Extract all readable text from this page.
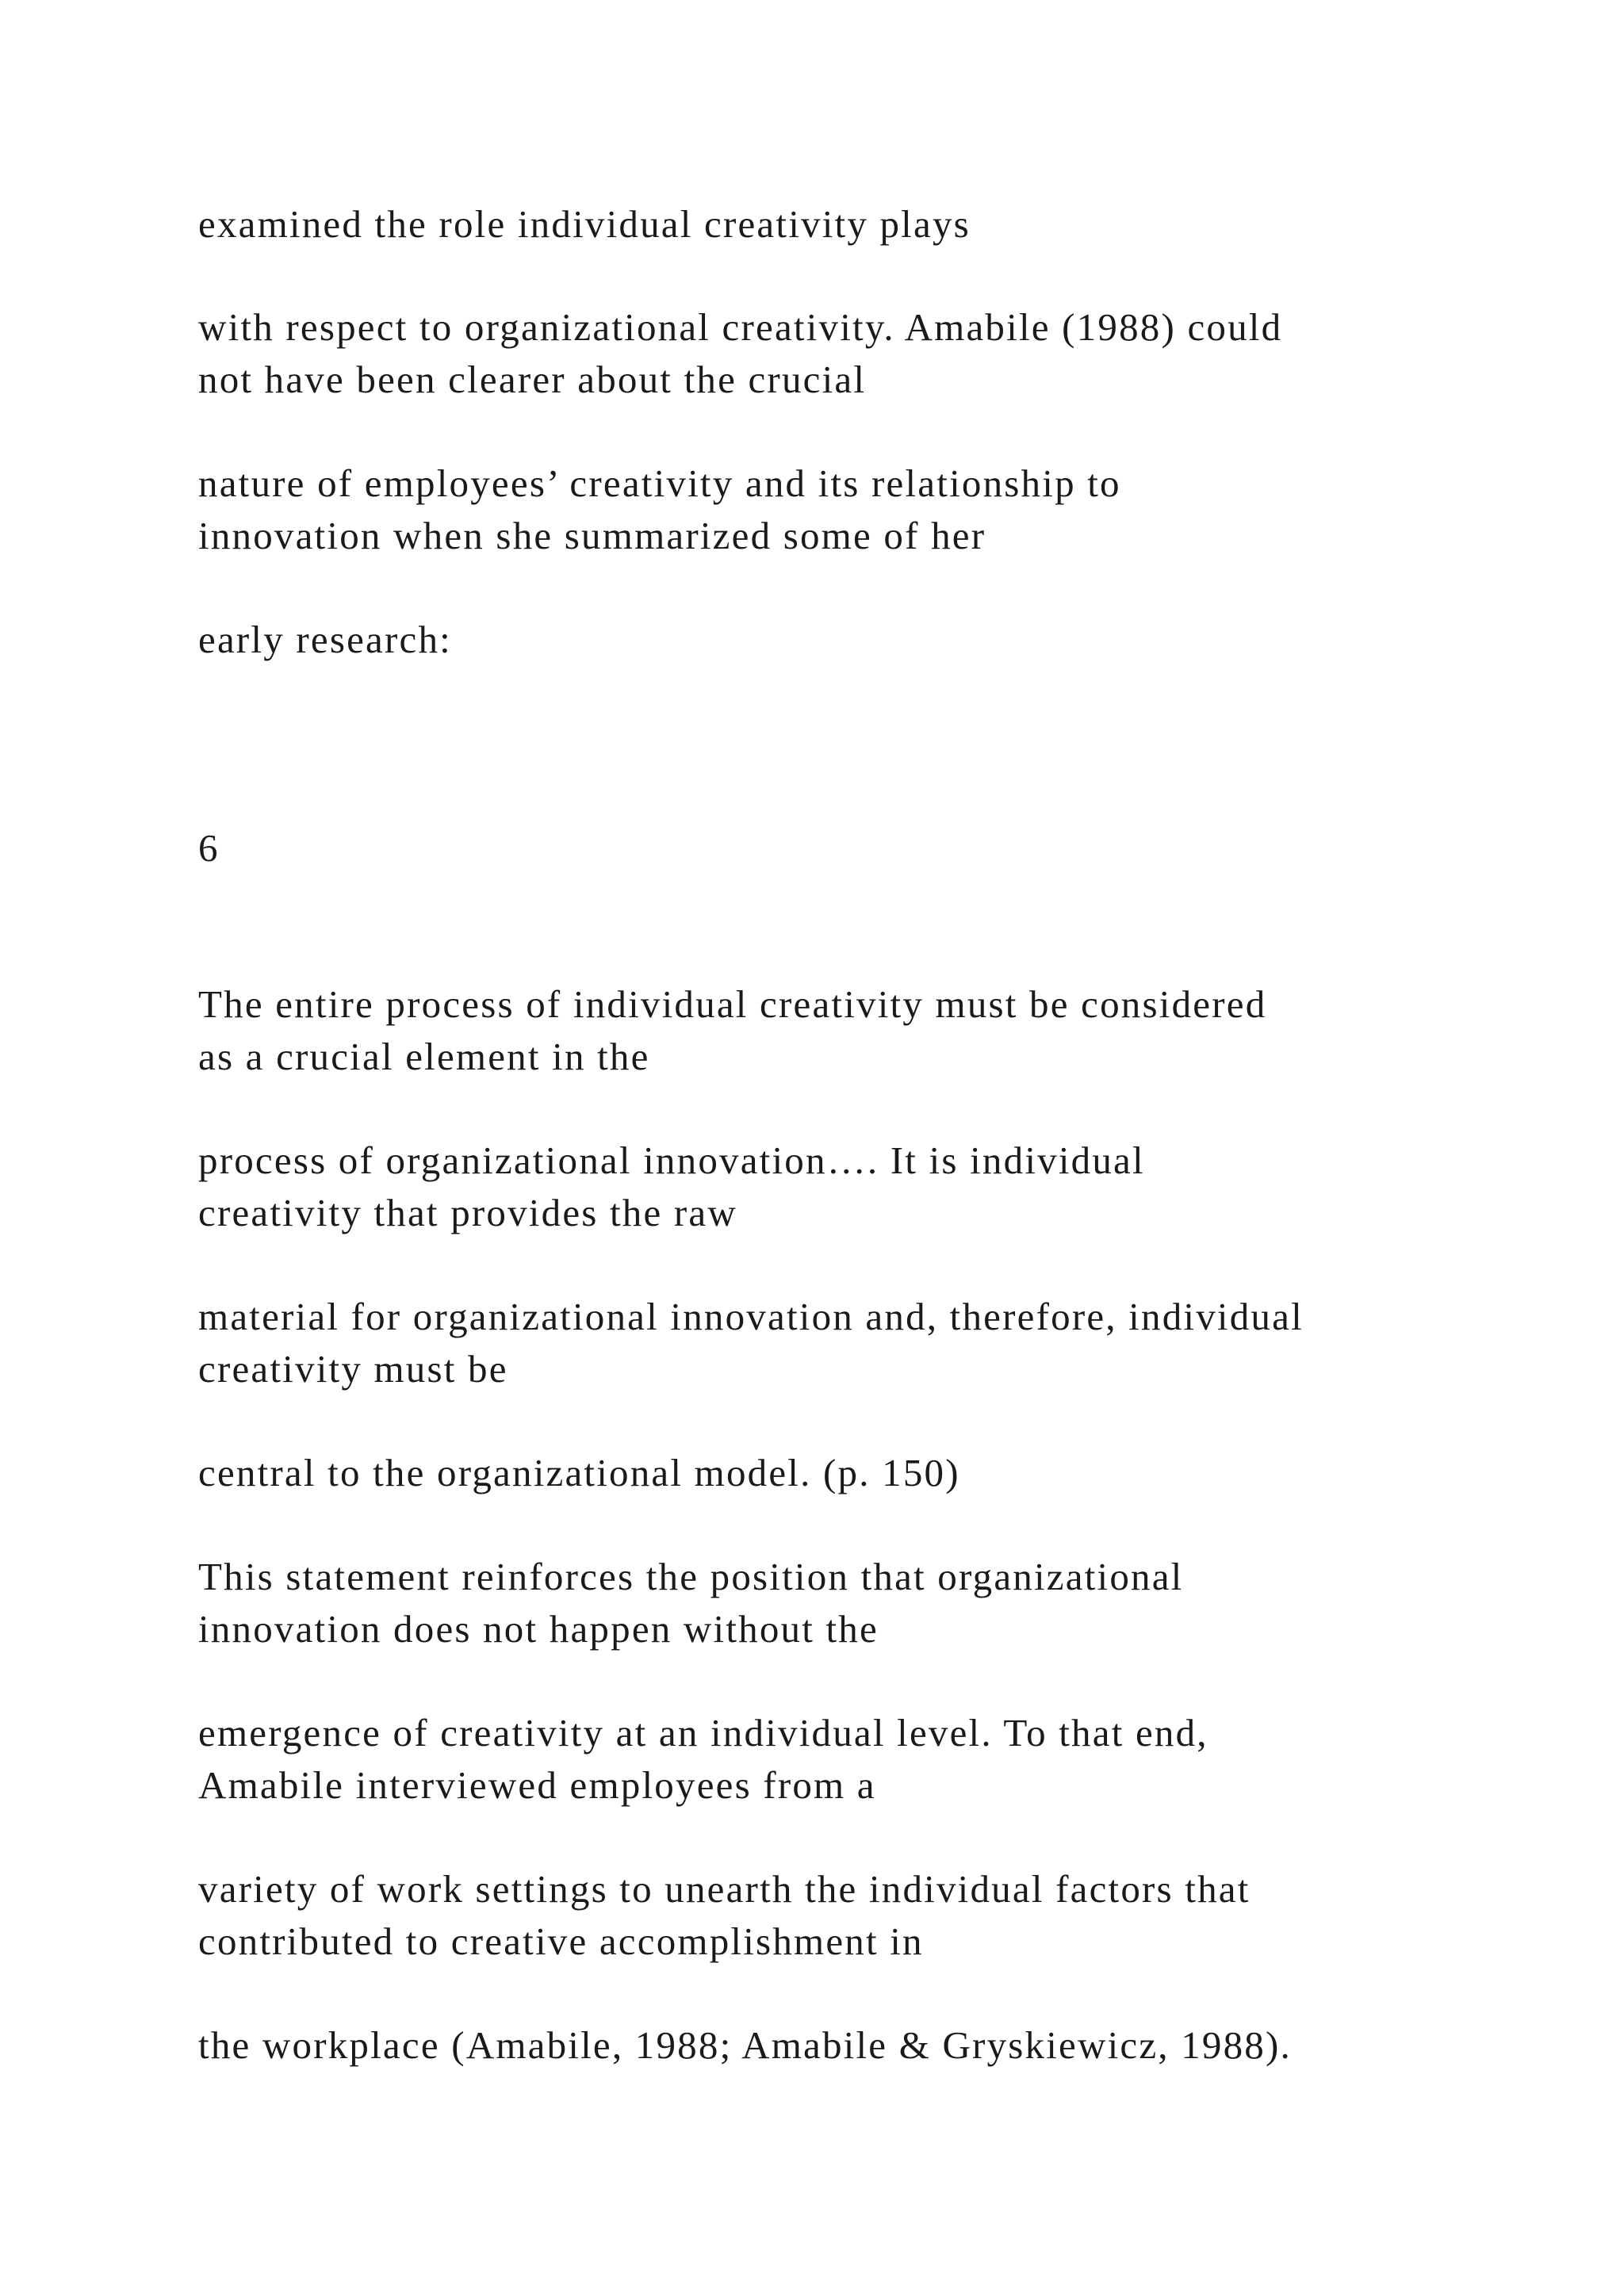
examined the role individual creativity plays

with respect to organizational creativity. Amabile (1988) could
not have been clearer about the crucial

nature of employees’ creativity and its relationship to
innovation when she summarized some of her

early research:

6

The entire process of individual creativity must be considered
as a crucial element in the

process of organizational innovation…. It is individual
creativity that provides the raw

material for organizational innovation and, therefore, individual
creativity must be

central to the organizational model. (p. 150)

This statement reinforces the position that organizational
innovation does not happen without the

emergence of creativity at an individual level. To that end,
Amabile interviewed employees from a

variety of work settings to unearth the individual factors that
contributed to creative accomplishment in

the workplace (Amabile, 1988; Amabile & Gryskiewicz, 1988).
